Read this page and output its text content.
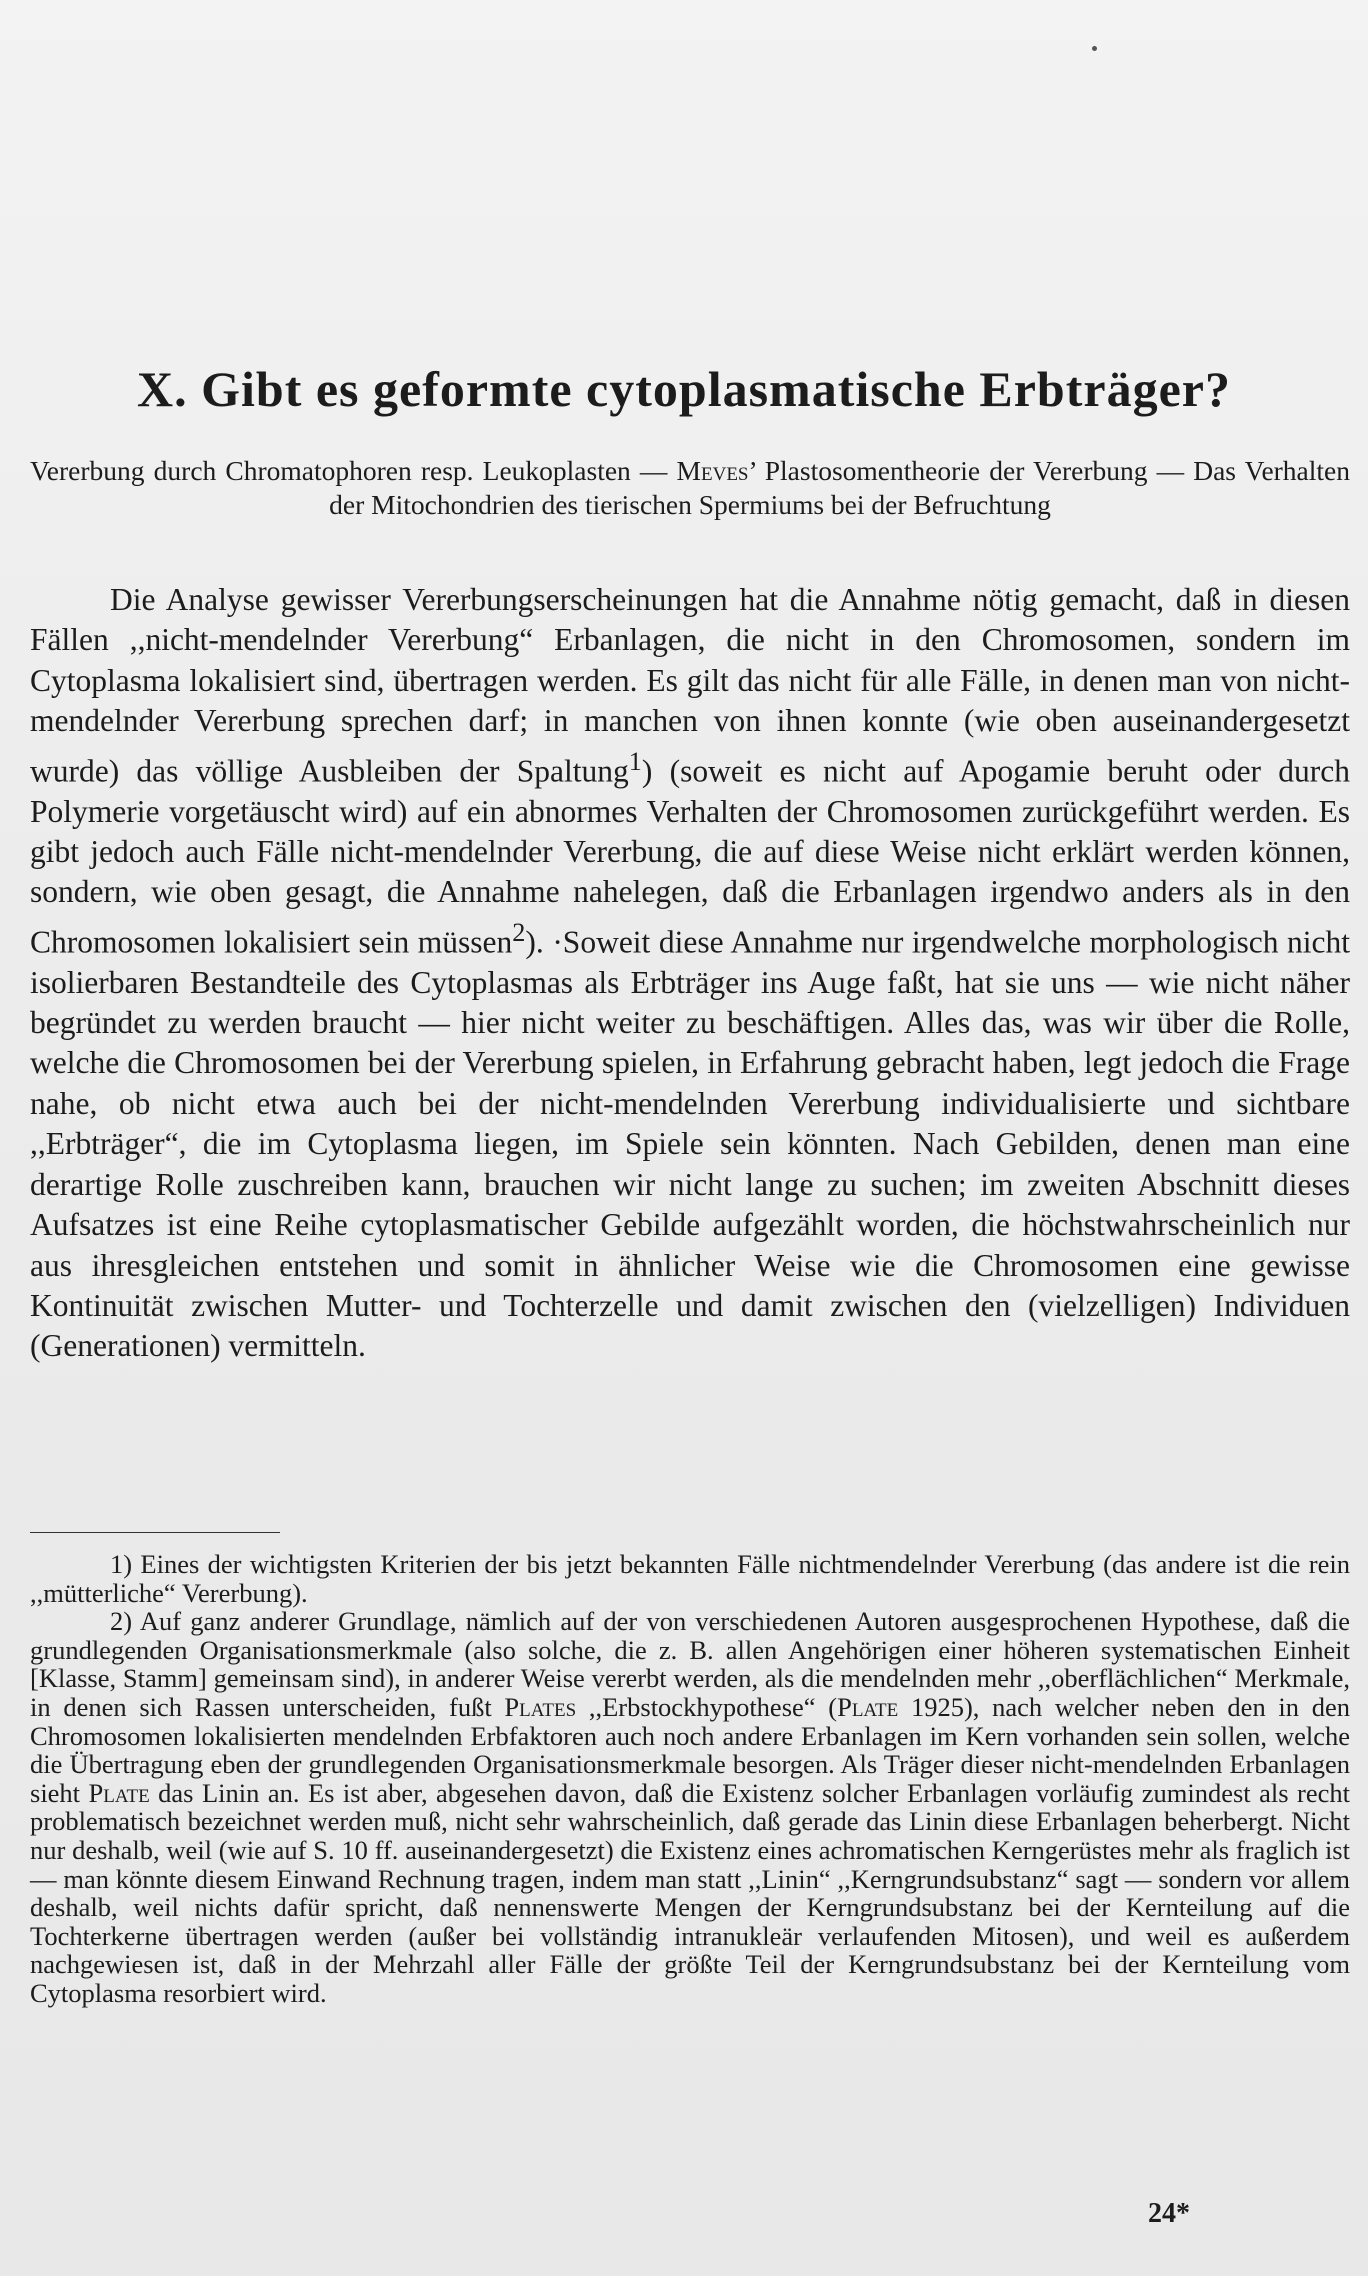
X. Gibt es geformte cytoplasmatische Erbträger?
Vererbung durch Chromatophoren resp. Leukoplasten — Meves’ Plastosomentheorie der Vererbung — Das Verhalten der Mitochondrien des tierischen Spermiums bei der Befruchtung

Die Analyse gewisser Vererbungserscheinungen hat die Annahme nötig gemacht, daß in diesen Fällen ,,nicht-mendelnder Vererbung“ Erbanlagen, die nicht in den Chromosomen, sondern im Cytoplasma lokalisiert sind, übertragen werden. Es gilt das nicht für alle Fälle, in denen man von nicht-mendelnder Vererbung sprechen darf; in manchen von ihnen konnte (wie oben auseinandergesetzt wurde) das völlige Ausbleiben der Spaltung$^1$) (soweit es nicht auf Apogamie beruht oder durch Polymerie vorgetäuscht wird) auf ein abnormes Verhalten der Chromosomen zurückgeführt werden. Es gibt jedoch auch Fälle nicht-mendelnder Vererbung, die auf diese Weise nicht erklärt werden können, sondern, wie oben gesagt, die Annahme nahelegen, daß die Erbanlagen irgendwo anders als in den Chromosomen lokalisiert sein müssen$^2$). ·Soweit diese Annahme nur irgendwelche morphologisch nicht isolierbaren Bestandteile des Cytoplasmas als Erbträger ins Auge faßt, hat sie uns — wie nicht näher begründet zu werden braucht — hier nicht weiter zu beschäftigen. Alles das, was wir über die Rolle, welche die Chromosomen bei der Vererbung spielen, in Erfahrung gebracht haben, legt jedoch die Frage nahe, ob nicht etwa auch bei der nicht-mendelnden Vererbung individualisierte und sichtbare ,,Erbträger“, die im Cytoplasma liegen, im Spiele sein könnten. Nach Gebilden, denen man eine derartige Rolle zuschreiben kann, brauchen wir nicht lange zu suchen; im zweiten Abschnitt dieses Aufsatzes ist eine Reihe cytoplasmatischer Gebilde aufgezählt worden, die höchstwahrscheinlich nur aus ihresgleichen entstehen und somit in ähnlicher Weise wie die Chromosomen eine gewisse Kontinuität zwischen Mutter- und Tochterzelle und damit zwischen den (vielzelligen) Individuen (Generationen) vermitteln.

1) Eines der wichtigsten Kriterien der bis jetzt bekannten Fälle nichtmendelnder Vererbung (das andere ist die rein ,,mütterliche“ Vererbung).

2) Auf ganz anderer Grundlage, nämlich auf der von verschiedenen Autoren ausgesprochenen Hypothese, daß die grundlegenden Organisationsmerkmale (also solche, die z. B. allen Angehörigen einer höheren systematischen Einheit [Klasse, Stamm] gemeinsam sind), in anderer Weise vererbt werden, als die mendelnden mehr ,,oberflächlichen“ Merkmale, in denen sich Rassen unterscheiden, fußt Plates ,,Erbstockhypothese“ (Plate 1925), nach welcher neben den in den Chromosomen lokalisierten mendelnden Erbfaktoren auch noch andere Erbanlagen im Kern vorhanden sein sollen, welche die Übertragung eben der grundlegenden Organisationsmerkmale besorgen. Als Träger dieser nicht-mendelnden Erbanlagen sieht Plate das Linin an. Es ist aber, abgesehen davon, daß die Existenz solcher Erbanlagen vorläufig zumindest als recht problematisch bezeichnet werden muß, nicht sehr wahrscheinlich, daß gerade das Linin diese Erbanlagen beherbergt. Nicht nur deshalb, weil (wie auf S. 10 ff. auseinandergesetzt) die Existenz eines achromatischen Kerngerüstes mehr als fraglich ist — man könnte diesem Einwand Rechnung tragen, indem man statt ,,Linin“ ,,Kerngrundsubstanz“ sagt — sondern vor allem deshalb, weil nichts dafür spricht, daß nennenswerte Mengen der Kerngrundsubstanz bei der Kernteilung auf die Tochterkerne übertragen werden (außer bei vollständig intranukleär verlaufenden Mitosen), und weil es außerdem nachgewiesen ist, daß in der Mehrzahl aller Fälle der größte Teil der Kerngrundsubstanz bei der Kernteilung vom Cytoplasma resorbiert wird.

24*
